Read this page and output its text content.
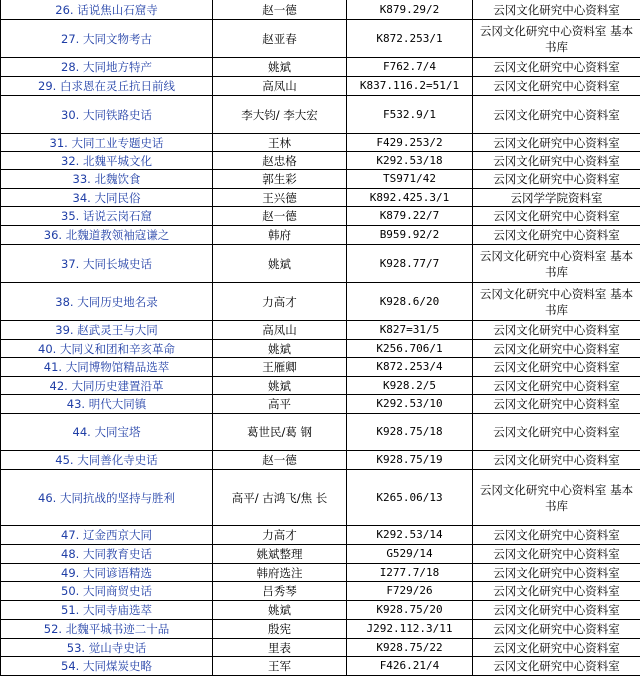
26. 话说焦山石窟寺	赵一德	K879.29/2	云冈文化研究中心资料室
27. 大同文物考古	赵亚春	K872.253/1	云冈文化研究中心资料室 基本书库
28. 大同地方特产	姚斌	F762.7/4	云冈文化研究中心资料室
29. 白求恩在灵丘抗日前线	高凤山	K837.116.2=51/1	云冈文化研究中心资料室
30. 大同铁路史话	李大钧/ 李大宏	F532.9/1	云冈文化研究中心资料室
31. 大同工业专题史话	王林	F429.253/2	云冈文化研究中心资料室
32. 北魏平城文化	赵忠格	K292.53/18	云冈文化研究中心资料室
33. 北魏饮食	郭生彩	TS971/42	云冈文化研究中心资料室
34. 大同民俗	王兴德	K892.425.3/1	云冈学学院资料室
35. 话说云岗石窟	赵一德	K879.22/7	云冈文化研究中心资料室
36. 北魏道教领袖寇谦之	韩府	B959.92/2	云冈文化研究中心资料室
37. 大同长城史话	姚斌	K928.77/7	云冈文化研究中心资料室 基本书库
38. 大同历史地名录	力高才	K928.6/20	云冈文化研究中心资料室 基本书库
39. 赵武灵王与大同	高凤山	K827=31/5	云冈文化研究中心资料室
40. 大同义和团和辛亥革命	姚斌	K256.706/1	云冈文化研究中心资料室
41. 大同博物馆精品选萃	王雁卿	K872.253/4	云冈文化研究中心资料室
42. 大同历史建置沿革	姚斌	K928.2/5	云冈文化研究中心资料室
43. 明代大同镇	高平	K292.53/10	云冈文化研究中心资料室
44. 大同宝塔	葛世民/葛 钢	K928.75/18	云冈文化研究中心资料室
45. 大同善化寺史话	赵一德	K928.75/19	云冈文化研究中心资料室
46. 大同抗战的坚持与胜利	高平/ 古鸿飞/焦 长	K265.06/13	云冈文化研究中心资料室 基本书库
47. 辽金西京大同	力高才	K292.53/14	云冈文化研究中心资料室
48. 大同教育史话	姚斌整理	G529/14	云冈文化研究中心资料室
49. 大同谚语精选	韩府选注	I277.7/18	云冈文化研究中心资料室
50. 大同商贸史话	吕秀琴	F729/26	云冈文化研究中心资料室
51. 大同寺庙选萃	姚斌	K928.75/20	云冈文化研究中心资料室
52. 北魏平城书迹二十品	殷宪	J292.112.3/11	云冈文化研究中心资料室
53. 觉山寺史话	里表	K928.75/22	云冈文化研究中心资料室
54. 大同煤炭史略	王军	F426.21/4	云冈文化研究中心资料室
